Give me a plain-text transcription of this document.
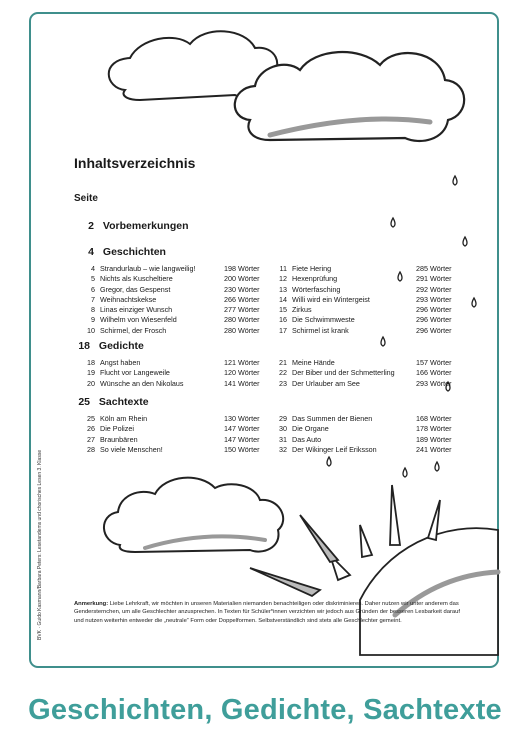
BVK · Guido Kasmann/Barbara Peters: Lesetandems und chorisches Lesen 3. Klasse
Inhaltsverzeichnis
Seite
2 Vorbemerkungen
4 Geschichten
4 Strandurlaub – wie langweilig!	198 Wörter
5 Nichts als Kuscheltiere	200 Wörter
6 Gregor, das Gespenst	230 Wörter
7 Weihnachtskekse	266 Wörter
8 Linas einziger Wunsch	277 Wörter
9 Wilhelm von Wiesenfeld	280 Wörter
10 Schirmel, der Frosch	280 Wörter
11 Fiete Hering	285 Wörter
12 Hexenprüfung	291 Wörter
13 Wörterfasching	292 Wörter
14 Willi wird ein Wintergeist	293 Wörter
15 Zirkus	296 Wörter
16 Die Schwimmweste	296 Wörter
17 Schirmel ist krank	296 Wörter
18 Gedichte
18 Angst haben	121 Wörter
19 Flucht vor Langeweile	120 Wörter
20 Wünsche an den Nikolaus	141 Wörter
21 Meine Hände	157 Wörter
22 Der Biber und der Schmetterling	166 Wörter
23 Der Urlauber am See	293 Wörter
25 Sachtexte
25 Köln am Rhein	130 Wörter
26 Die Polizei	147 Wörter
27 Braunbären	147 Wörter
28 So viele Menschen!	150 Wörter
29 Das Summen der Bienen	168 Wörter
30 Die Organe	178 Wörter
31 Das Auto	189 Wörter
32 Der Wikinger Leif Eriksson	241 Wörter
Anmerkung: Liebe Lehrkraft, wir möchten in unseren Materialien niemanden benachteiligen oder diskriminieren. Daher nutzen wir unter anderem das Gendersternchen, um alle Geschlechter anzusprechen. In Texten für Schüler*innen verzichten wir jedoch aus Gründen der besseren Lesbarkeit darauf und nutzen weiterhin entweder die „neutrale“ Form oder Doppelformen. Selbstverständlich sind stets alle Geschlechter gemeint.
Geschichten, Gedichte, Sachtexte
